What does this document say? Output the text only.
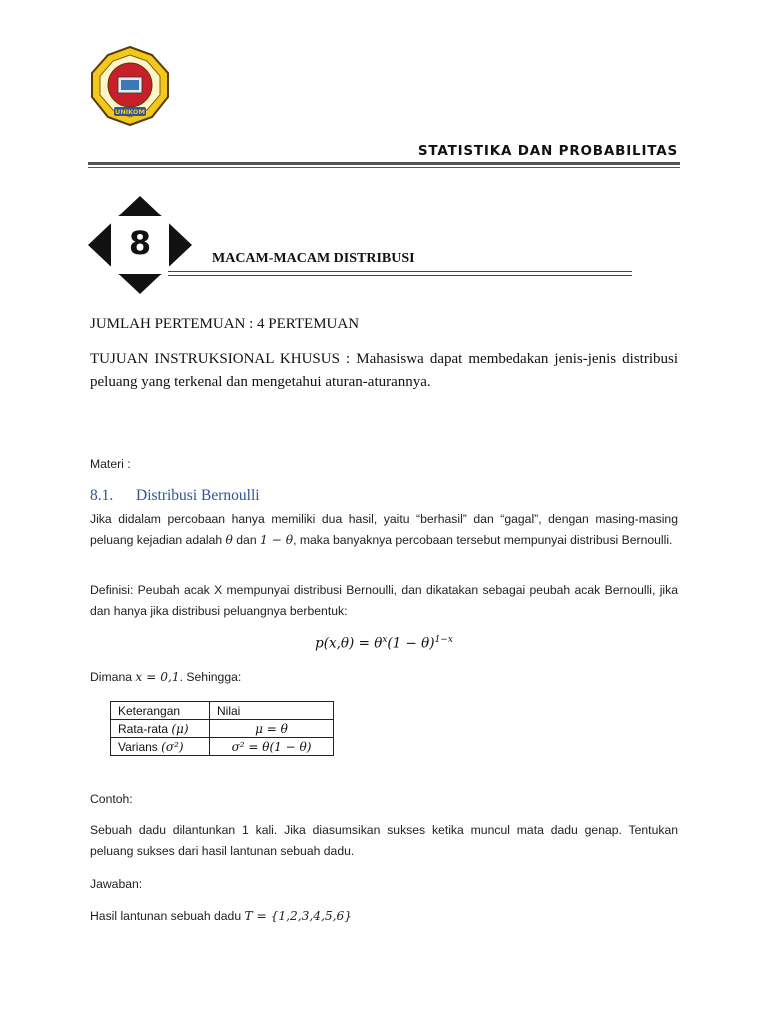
UNIKOM
STATISTIKA DAN PROBABILITAS
8	MACAM-MACAM DISTRIBUSI
JUMLAH PERTEMUAN : 4 PERTEMUAN
TUJUAN INSTRUKSIONAL KHUSUS : Mahasiswa dapat membedakan jenis-jenis distribusi peluang yang terkenal dan mengetahui aturan-aturannya.
Materi :
8.1. Distribusi Bernoulli
Jika didalam percobaan hanya memiliki dua hasil, yaitu “berhasil” dan “gagal”, dengan masing-masing peluang kejadian adalah θ dan 1 − θ, maka banyaknya percobaan tersebut mempunyai distribusi Bernoulli.
Definisi: Peubah acak X mempunyai distribusi Bernoulli, dan dikatakan sebagai peubah acak Bernoulli, jika dan hanya jika distribusi peluangnya berbentuk:
$p(x,\theta) = \theta^x(1 - \theta)^{1-x}$
Dimana x = 0,1. Sehingga:
Keterangan	Nilai
Rata-rata (μ)	μ = θ
Varians (σ²)	σ² = θ(1 − θ)
Contoh:
Sebuah dadu dilantunkan 1 kali. Jika diasumsikan sukses ketika muncul mata dadu genap. Tentukan peluang sukses dari hasil lantunan sebuah dadu.
Jawaban:
Hasil lantunan sebuah dadu T = {1,2,3,4,5,6}
